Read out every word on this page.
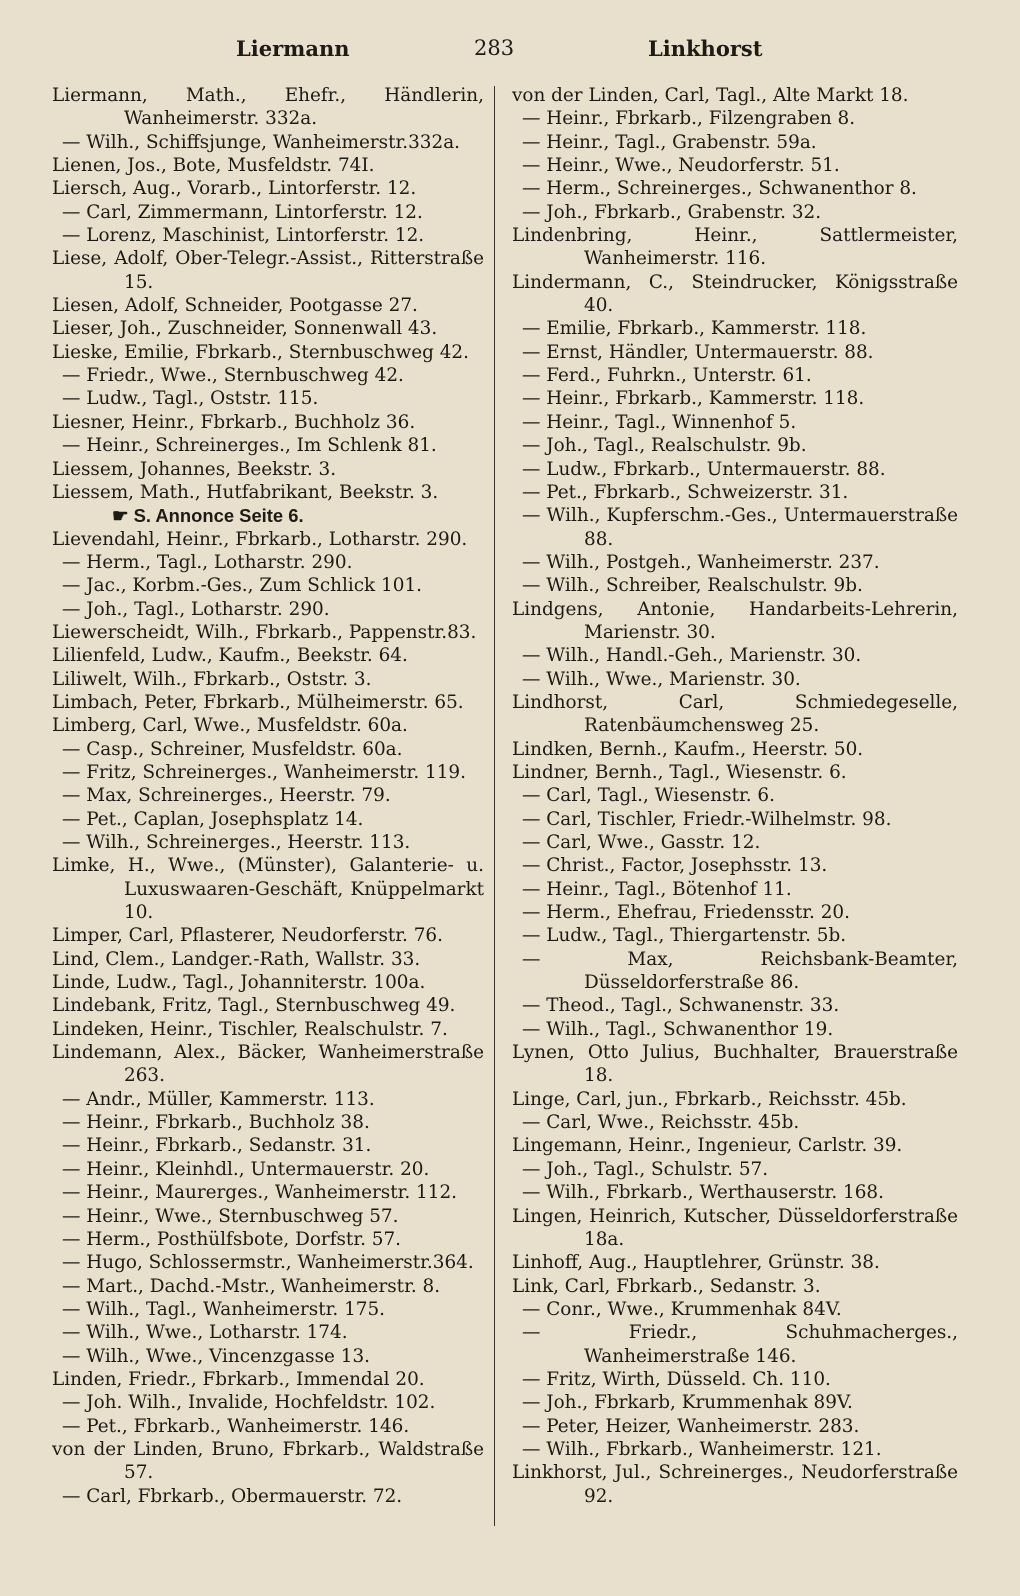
Liermann	283	Linkhorst
Liermann, Math., Ehefr., Händlerin, Wanheimerstr. 332a.
— Wilh., Schiffsjunge, Wanheimerstr.332a.
Lienen, Jos., Bote, Musfeldstr. 74I.
Liersch, Aug., Vorarb., Lintorferstr. 12.
— Carl, Zimmermann, Lintorferstr. 12.
— Lorenz, Maschinist, Lintorferstr. 12.
Liese, Adolf, Ober-Telegr.-Assist., Ritterstraße 15.
Liesen, Adolf, Schneider, Pootgasse 27.
Lieser, Joh., Zuschneider, Sonnenwall 43.
Lieske, Emilie, Fbrkarb., Sternbuschweg 42.
— Friedr., Wwe., Sternbuschweg 42.
— Ludw., Tagl., Oststr. 115.
Liesner, Heinr., Fbrkarb., Buchholz 36.
— Heinr., Schreinerges., Im Schlenk 81.
Liessem, Johannes, Beekstr. 3.
Liessem, Math., Hutfabrikant, Beekstr. 3.
☛ S. Annonce Seite 6.
Lievendahl, Heinr., Fbrkarb., Lotharstr. 290.
— Herm., Tagl., Lotharstr. 290.
— Jac., Korbm.-Ges., Zum Schlick 101.
— Joh., Tagl., Lotharstr. 290.
Liewerscheidt, Wilh., Fbrkarb., Pappenstr.83.
Lilienfeld, Ludw., Kaufm., Beekstr. 64.
Liliwelt, Wilh., Fbrkarb., Oststr. 3.
Limbach, Peter, Fbrkarb., Mülheimerstr. 65.
Limberg, Carl, Wwe., Musfeldstr. 60a.
— Casp., Schreiner, Musfeldstr. 60a.
— Fritz, Schreinerges., Wanheimerstr. 119.
— Max, Schreinerges., Heerstr. 79.
— Pet., Caplan, Josephsplatz 14.
— Wilh., Schreinerges., Heerstr. 113.
Limke, H., Wwe., (Münster), Galanterie- u. Luxuswaaren-Geschäft, Knüppelmarkt 10.
Limper, Carl, Pflasterer, Neudorferstr. 76.
Lind, Clem., Landger.-Rath, Wallstr. 33.
Linde, Ludw., Tagl., Johanniterstr. 100a.
Lindebank, Fritz, Tagl., Sternbuschweg 49.
Lindeken, Heinr., Tischler, Realschulstr. 7.
Lindemann, Alex., Bäcker, Wanheimerstraße 263.
— Andr., Müller, Kammerstr. 113.
— Heinr., Fbrkarb., Buchholz 38.
— Heinr., Fbrkarb., Sedanstr. 31.
— Heinr., Kleinhdl., Untermauerstr. 20.
— Heinr., Maurerges., Wanheimerstr. 112.
— Heinr., Wwe., Sternbuschweg 57.
— Herm., Posthülfsbote, Dorfstr. 57.
— Hugo, Schlossermstr., Wanheimerstr.364.
— Mart., Dachd.-Mstr., Wanheimerstr. 8.
— Wilh., Tagl., Wanheimerstr. 175.
— Wilh., Wwe., Lotharstr. 174.
— Wilh., Wwe., Vincenzgasse 13.
Linden, Friedr., Fbrkarb., Immendal 20.
— Joh. Wilh., Invalide, Hochfeldstr. 102.
— Pet., Fbrkarb., Wanheimerstr. 146.
von der Linden, Bruno, Fbrkarb., Waldstraße 57.
— Carl, Fbrkarb., Obermauerstr. 72.
von der Linden, Carl, Tagl., Alte Markt 18.
— Heinr., Fbrkarb., Filzengraben 8.
— Heinr., Tagl., Grabenstr. 59a.
— Heinr., Wwe., Neudorferstr. 51.
— Herm., Schreinerges., Schwanenthor 8.
— Joh., Fbrkarb., Grabenstr. 32.
Lindenbring, Heinr., Sattlermeister, Wanheimerstr. 116.
Lindermann, C., Steindrucker, Königsstraße 40.
— Emilie, Fbrkarb., Kammerstr. 118.
— Ernst, Händler, Untermauerstr. 88.
— Ferd., Fuhrkn., Unterstr. 61.
— Heinr., Fbrkarb., Kammerstr. 118.
— Heinr., Tagl., Winnenhof 5.
— Joh., Tagl., Realschulstr. 9b.
— Ludw., Fbrkarb., Untermauerstr. 88.
— Pet., Fbrkarb., Schweizerstr. 31.
— Wilh., Kupferschm.-Ges., Untermauerstraße 88.
— Wilh., Postgeh., Wanheimerstr. 237.
— Wilh., Schreiber, Realschulstr. 9b.
Lindgens, Antonie, Handarbeits-Lehrerin, Marienstr. 30.
— Wilh., Handl.-Geh., Marienstr. 30.
— Wilh., Wwe., Marienstr. 30.
Lindhorst, Carl, Schmiedegeselle, Ratenbäumchensweg 25.
Lindken, Bernh., Kaufm., Heerstr. 50.
Lindner, Bernh., Tagl., Wiesenstr. 6.
— Carl, Tagl., Wiesenstr. 6.
— Carl, Tischler, Friedr.-Wilhelmstr. 98.
— Carl, Wwe., Gasstr. 12.
— Christ., Factor, Josephsstr. 13.
— Heinr., Tagl., Bötenhof 11.
— Herm., Ehefrau, Friedensstr. 20.
— Ludw., Tagl., Thiergartenstr. 5b.
— Max, Reichsbank-Beamter, Düsseldorferstraße 86.
— Theod., Tagl., Schwanenstr. 33.
— Wilh., Tagl., Schwanenthor 19.
Lynen, Otto Julius, Buchhalter, Brauerstraße 18.
Linge, Carl, jun., Fbrkarb., Reichsstr. 45b.
— Carl, Wwe., Reichsstr. 45b.
Lingemann, Heinr., Ingenieur, Carlstr. 39.
— Joh., Tagl., Schulstr. 57.
— Wilh., Fbrkarb., Werthauserstr. 168.
Lingen, Heinrich, Kutscher, Düsseldorferstraße 18a.
Linhoff, Aug., Hauptlehrer, Grünstr. 38.
Link, Carl, Fbrkarb., Sedanstr. 3.
— Conr., Wwe., Krummenhak 84V.
— Friedr., Schuhmacherges., Wanheimerstraße 146.
— Fritz, Wirth, Düsseld. Ch. 110.
— Joh., Fbrkarb, Krummenhak 89V.
— Peter, Heizer, Wanheimerstr. 283.
— Wilh., Fbrkarb., Wanheimerstr. 121.
Linkhorst, Jul., Schreinerges., Neudorferstraße 92.
